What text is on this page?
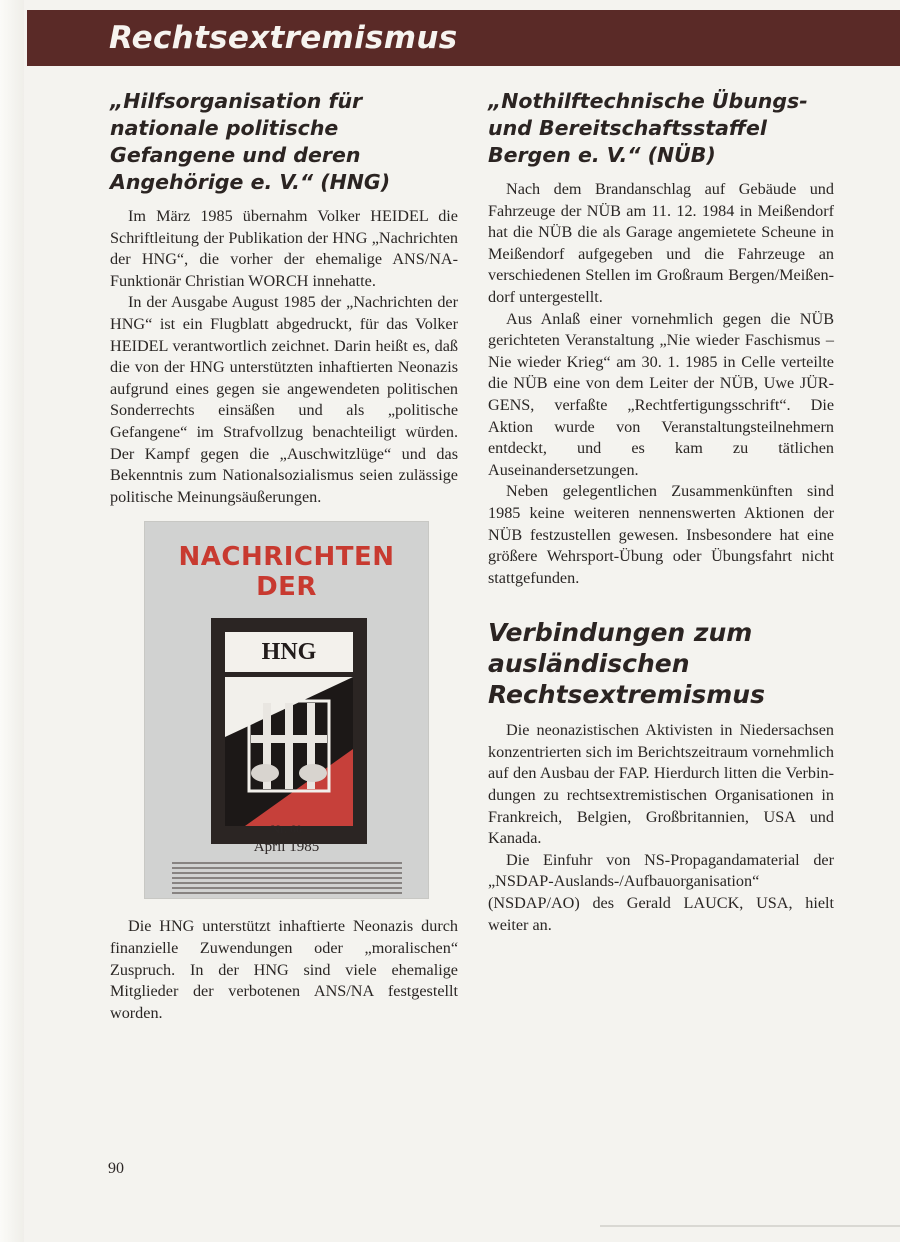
Rechtsextremismus
„Hilfsorganisation für nationale politische Gefangene und deren Angehörige e. V.“ (HNG)

Im März 1985 übernahm Volker HEIDEL die Schriftleitung der Publikation der HNG „Nachrichten der HNG“, die vorher der ehemalige ANS/NA-Funktionär Christian WORCH innehatte.

In der Ausgabe August 1985 der „Nachrichten der HNG“ ist ein Flugblatt abgedruckt, für das Volker HEIDEL verantwortlich zeichnet. Darin heißt es, daß die von der HNG unterstützten inhaftierten Neonazis aufgrund eines gegen sie angewendeten politischen Sonderrechts einsäßen und als „politische Gefangene“ im Strafvollzug benachteiligt würden. Der Kampf gegen die „Auschwitzlüge“ und das Bekenntnis zum Nationalsozialismus seien zulässige politische Meinungsäußerungen.

NACHRICHTEN
DER
HNG
Nr. 60
April 1985

Die HNG unterstützt inhaftierte Neonazis durch finanzielle Zuwendungen oder „moralischen“ Zuspruch. In der HNG sind viele ehemalige Mitglieder der verbotenen ANS/NA festgestellt worden.

„Nothilftechnische Übungs- und Bereitschaftsstaffel Bergen e. V.“ (NÜB)

Nach dem Brandanschlag auf Gebäude und Fahrzeuge der NÜB am 11. 12. 1984 in Meißendorf hat die NÜB die als Garage angemietete Scheune in Meißendorf aufgegeben und die Fahrzeuge an verschiedenen Stellen im Großraum Bergen/Meißendorf untergestellt.

Aus Anlaß einer vornehmlich gegen die NÜB gerichteten Veranstaltung „Nie wieder Faschismus – Nie wieder Krieg“ am 30. 1. 1985 in Celle verteilte die NÜB eine von dem Leiter der NÜB, Uwe JÜRGENS, verfaßte „Rechtfertigungsschrift“. Die Aktion wurde von Veranstaltungsteilnehmern entdeckt, und es kam zu tätlichen Auseinandersetzungen.

Neben gelegentlichen Zusammenkünften sind 1985 keine weiteren nennenswerten Aktionen der NÜB festzustellen gewesen. Insbesondere hat eine größere Wehrsport-Übung oder Übungsfahrt nicht stattgefunden.

Verbindungen zum ausländischen Rechtsextremismus

Die neonazistischen Aktivisten in Niedersachsen konzentrierten sich im Berichtszeitraum vornehmlich auf den Ausbau der FAP. Hierdurch litten die Verbindungen zu rechtsextremistischen Organisationen in Frankreich, Belgien, Großbritannien, USA und Kanada.

Die Einfuhr von NS-Propagandamaterial der „NSDAP-Auslands-/Aufbauorganisation“ (NSDAP/AO) des Gerald LAUCK, USA, hielt weiter an.

90
